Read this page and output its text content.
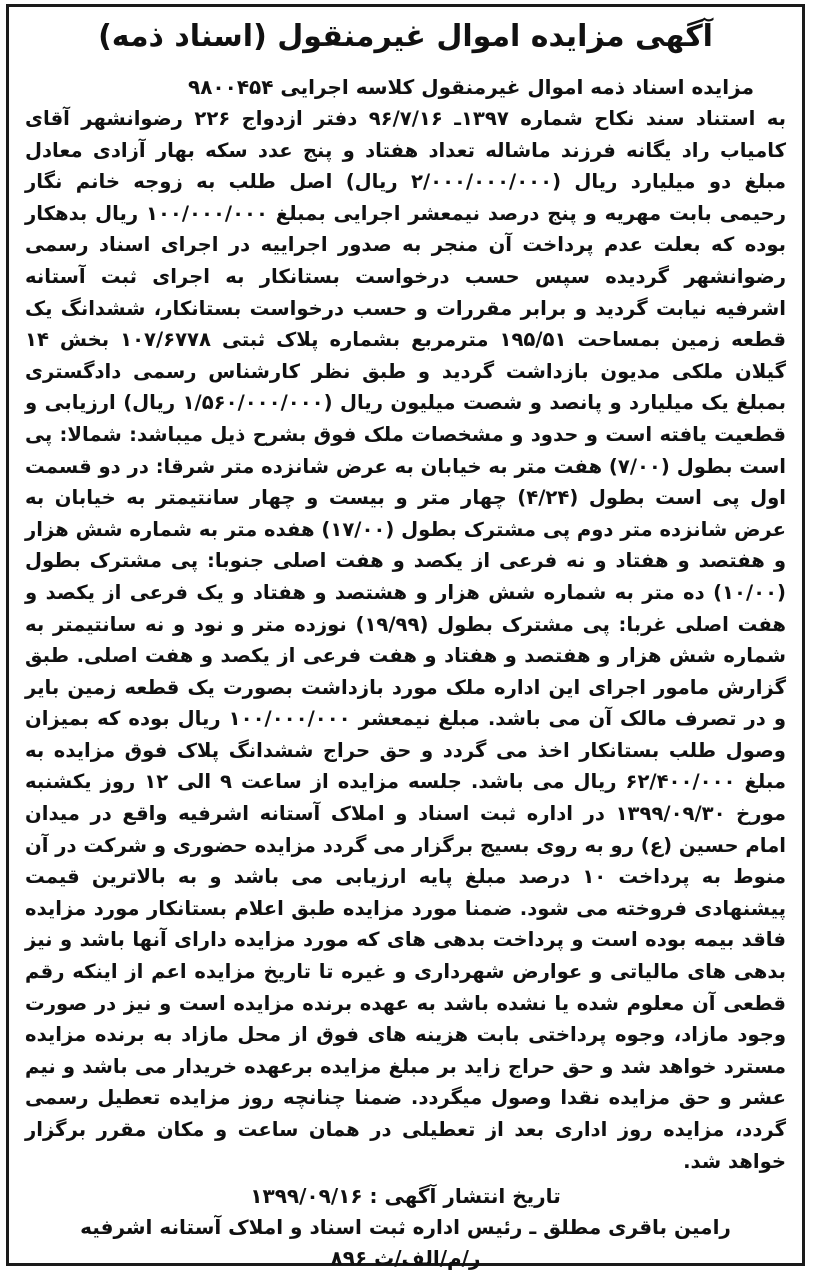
آگهی مزایده اموال غیرمنقول (اسناد ذمه)
مزایده اسناد ذمه اموال غیرمنقول کلاسه اجرایی ۹۸۰۰۴۵۴

به استناد سند نکاح شماره ۱۳۹۷ـ ۹۶/۷/۱۶ دفتر ازدواج ۲۲۶ رضوانشهر آقای کامیاب راد یگانه فرزند ماشاله تعداد هفتاد و پنج عدد سکه بهار آزادی معادل مبلغ دو میلیارد ریال (۲/۰۰۰/۰۰۰/۰۰۰ ریال) اصل طلب به زوجه خانم نگار رحیمی بابت مهریه و پنج درصد نیمعشر اجرایی بمبلغ ۱۰۰/۰۰۰/۰۰۰ ریال بدهکار بوده که بعلت عدم پرداخت آن منجر به صدور اجراییه در اجرای اسناد رسمی رضوانشهر گردیده سپس حسب درخواست بستانکار به اجرای ثبت آستانه اشرفیه نیابت گردید و برابر مقررات و حسب درخواست بستانکار، ششدانگ یک قطعه زمین بمساحت ۱۹۵/۵۱ مترمربع بشماره پلاک ثبتی ۱۰۷/۶۷۷۸ بخش ۱۴ گیلان ملکی مدیون بازداشت گردید و طبق نظر کارشناس رسمی دادگستری بمبلغ یک میلیارد و پانصد و شصت میلیون ریال (۱/۵۶۰/۰۰۰/۰۰۰ ریال) ارزیابی و قطعیت یافته است و حدود و مشخصات ملک فوق بشرح ذیل میباشد: شمالا: پی است بطول (۷/۰۰) هفت متر به خیابان به عرض شانزده متر شرقا: در دو قسمت اول پی است بطول (۴/۲۴) چهار متر و بیست و چهار سانتیمتر به خیابان به عرض شانزده متر دوم پی مشترک بطول (۱۷/۰۰) هفده متر به شماره شش هزار و هفتصد و هفتاد و نه فرعی از یکصد و هفت اصلی جنوبا: پی مشترک بطول (۱۰/۰۰) ده متر به شماره شش هزار و هشتصد و هفتاد و یک فرعی از یکصد و هفت اصلی غربا: پی مشترک بطول (۱۹/۹۹) نوزده متر و نود و نه سانتیمتر به شماره شش هزار و هفتصد و هفتاد و هفت فرعی از یکصد و هفت اصلی. طبق گزارش مامور اجرای این اداره ملک مورد بازداشت بصورت یک قطعه زمین بایر و در تصرف مالک آن می باشد. مبلغ نیمعشر ۱۰۰/۰۰۰/۰۰۰ ریال بوده که بمیزان وصول طلب بستانکار اخذ می گردد و حق حراج ششدانگ پلاک فوق مزایده به مبلغ ۶۲/۴۰۰/۰۰۰ ریال می باشد. جلسه مزایده از ساعت ۹ الی ۱۲ روز یکشنبه مورخ ۱۳۹۹/۰۹/۳۰ در اداره ثبت اسناد و املاک آستانه اشرفیه واقع در میدان امام حسین (ع) رو به روی بسیج برگزار می گردد مزایده حضوری و شرکت در آن منوط به پرداخت ۱۰ درصد مبلغ پایه ارزیابی می باشد و به بالاترین قیمت پیشنهادی فروخته می شود. ضمنا مورد مزایده طبق اعلام بستانکار مورد مزایده فاقد بیمه بوده است و پرداخت بدهی های که مورد مزایده دارای آنها باشد و نیز بدهی های مالیاتی و عوارض شهرداری و غیره تا تاریخ مزایده اعم از اینکه رقم قطعی آن معلوم شده یا نشده باشد به عهده برنده مزایده است و نیز در صورت وجود مازاد، وجوه پرداختی بابت هزینه های فوق از محل مازاد به برنده مزایده مسترد خواهد شد و حق حراج زاید بر مبلغ مزایده برعهده خریدار می باشد و نیم عشر و حق مزایده نقدا وصول میگردد. ضمنا چنانچه روز مزایده تعطیل رسمی گردد، مزایده روز اداری بعد از تعطیلی در همان ساعت و مکان مقرر برگزار خواهد شد.

تاریخ انتشار آگهی : ۱۳۹۹/۰۹/۱۶
رامین باقری مطلق ـ رئیس اداره ثبت اسناد و املاک آستانه اشرفیه
ر/م/الف/ث ۸۹۶
